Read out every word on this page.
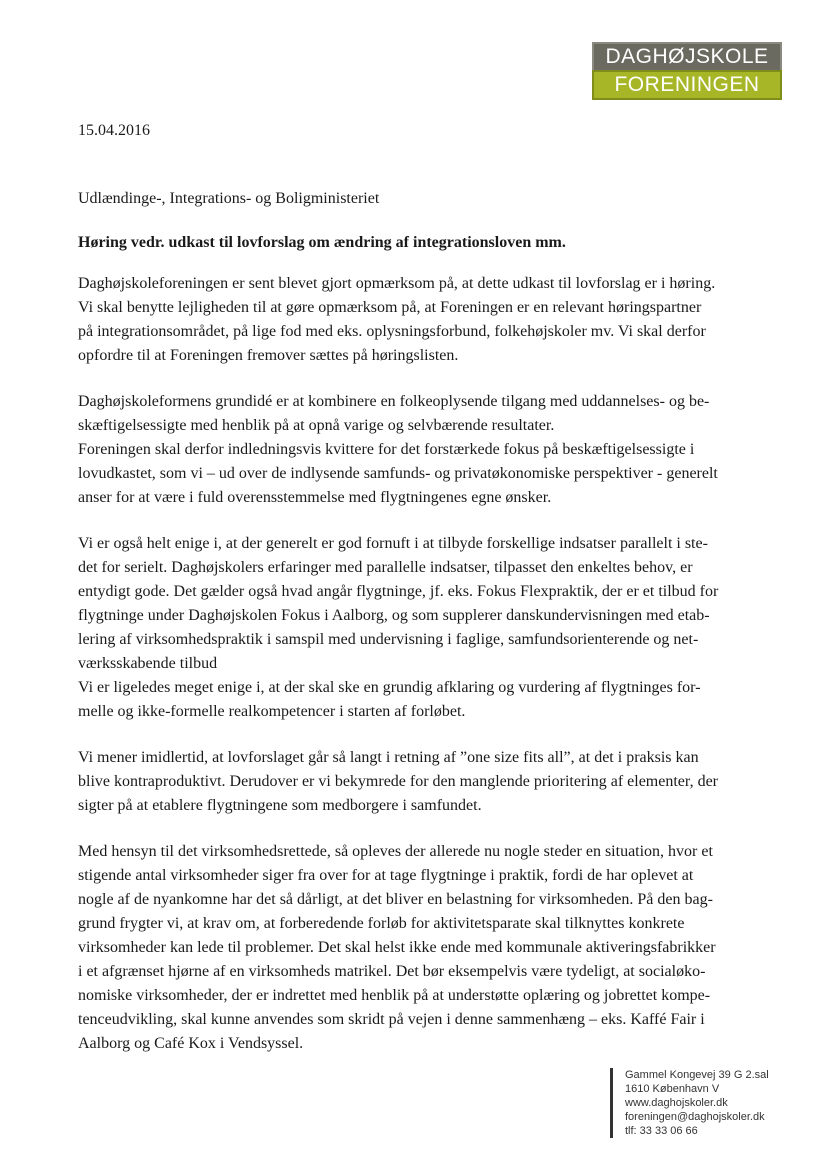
DAGHØJSKOLE
FORENINGEN
15.04.2016
Udlændinge-, Integrations- og Boligministeriet
Høring vedr. udkast til lovforslag om ændring af integrationsloven mm.

Daghøjskoleforeningen er sent blevet gjort opmærksom på, at dette udkast til lovforslag er i høring.
Vi skal benytte lejligheden til at gøre opmærksom på, at Foreningen er en relevant høringspartner
på integrationsområdet, på lige fod med eks. oplysningsforbund, folkehøjskoler mv. Vi skal derfor
opfordre til at Foreningen fremover sættes på høringslisten.

Daghøjskoleformens grundidé er at kombinere en folkeoplysende tilgang med uddannelses- og be-
skæftigelsessigte med henblik på at opnå varige og selvbærende resultater.
Foreningen skal derfor indledningsvis kvittere for det forstærkede fokus på beskæftigelsessigte i
lovudkastet, som vi – ud over de indlysende samfunds- og privatøkonomiske perspektiver - generelt
anser for at være i fuld overensstemmelse med flygtningenes egne ønsker.

Vi er også helt enige i, at der generelt er god fornuft i at tilbyde forskellige indsatser parallelt i ste-
det for serielt. Daghøjskolers erfaringer med parallelle indsatser, tilpasset den enkeltes behov, er
entydigt gode. Det gælder også hvad angår flygtninge, jf. eks. Fokus Flexpraktik, der er et tilbud for
flygtninge under Daghøjskolen Fokus i Aalborg, og som supplerer danskundervisningen med etab-
lering af virksomhedspraktik i samspil med undervisning i faglige, samfundsorienterende og net-
værksskabende tilbud
Vi er ligeledes meget enige i, at der skal ske en grundig afklaring og vurdering af flygtninges for-
melle og ikke-formelle realkompetencer i starten af forløbet.

Vi mener imidlertid, at lovforslaget går så langt i retning af ”one size fits all”, at det i praksis kan
blive kontraproduktivt. Derudover er vi bekymrede for den manglende prioritering af elementer, der
sigter på at etablere flygtningene som medborgere i samfundet.

Med hensyn til det virksomhedsrettede, så opleves der allerede nu nogle steder en situation, hvor et
stigende antal virksomheder siger fra over for at tage flygtninge i praktik, fordi de har oplevet at
nogle af de nyankomne har det så dårligt, at det bliver en belastning for virksomheden. På den bag-
grund frygter vi, at krav om, at forberedende forløb for aktivitetsparate skal tilknyttes konkrete
virksomheder kan lede til problemer. Det skal helst ikke ende med kommunale aktiveringsfabrikker
i et afgrænset hjørne af en virksomheds matrikel. Det bør eksempelvis være tydeligt, at socialøko-
nomiske virksomheder, der er indrettet med henblik på at understøtte oplæring og jobrettet kompe-
tenceudvikling, skal kunne anvendes som skridt på vejen i denne sammenhæng – eks. Kaffé Fair i
Aalborg og Café Kox i Vendsyssel.

Gammel Kongevej 39 G 2.sal
1610 København V
www.daghojskoler.dk
foreningen@daghojskoler.dk
tlf: 33 33 06 66
